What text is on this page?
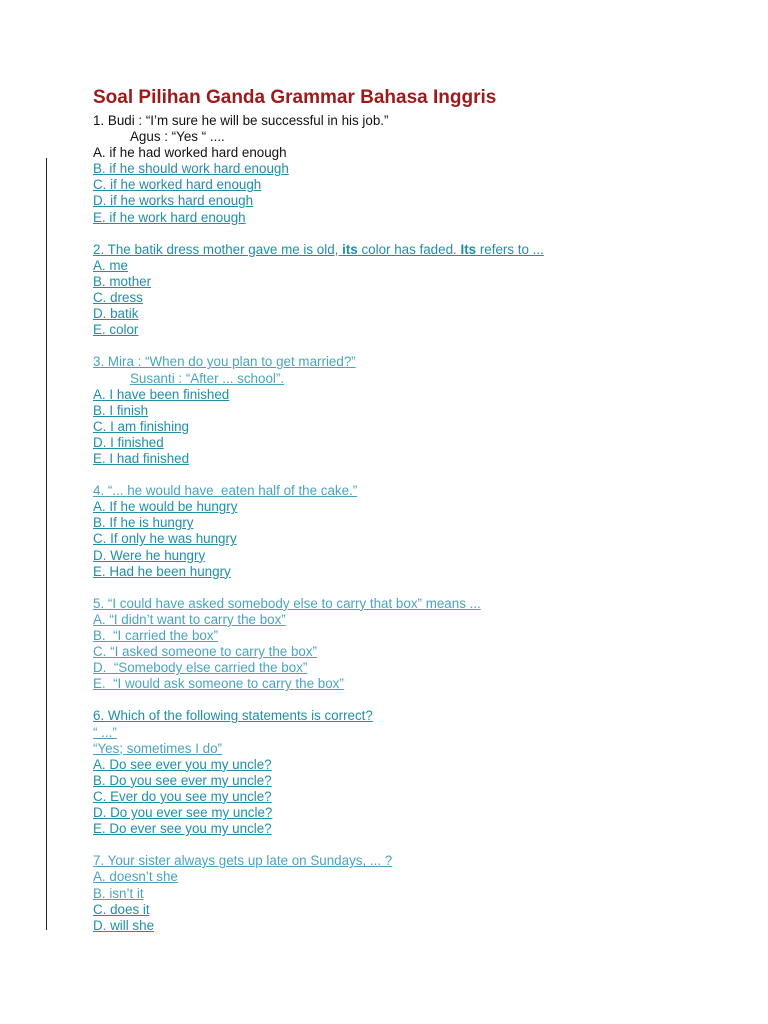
Soal Pilihan Ganda Grammar Bahasa Inggris
1. Budi : “I’m sure he will be successful in his job.”
Agus : “Yes “ ....
A. if he had worked hard enough
B. if he should work hard enough
C. if he worked hard enough
D. if he works hard enough
E. if he work hard enough
2. The batik dress mother gave me is old, its color has faded. Its refers to ...
A. me
B. mother
C. dress
D. batik
E. color
3. Mira : “When do you plan to get married?”
Susanti : “After ... school”.
A. I have been finished
B. I finish
C. I am finishing
D. I finished
E. I had finished
4. “... he would have  eaten half of the cake.”
A. If he would be hungry
B. If he is hungry
C. If only he was hungry
D. Were he hungry
E. Had he been hungry
5. “I could have asked somebody else to carry that box” means ...
A. “I didn’t want to carry the box”
B.  “I carried the box”
C. “I asked someone to carry the box”
D.  “Somebody else carried the box”
E.  “I would ask someone to carry the box”
6. Which of the following statements is correct?
“ ...”
“Yes; sometimes I do”
A. Do see ever you my uncle?
B. Do you see ever my uncle?
C. Ever do you see my uncle?
D. Do you ever see my uncle?
E. Do ever see you my uncle?
7. Your sister always gets up late on Sundays, ... ?
A. doesn’t she
B. isn’t it
C. does it
D. will she
